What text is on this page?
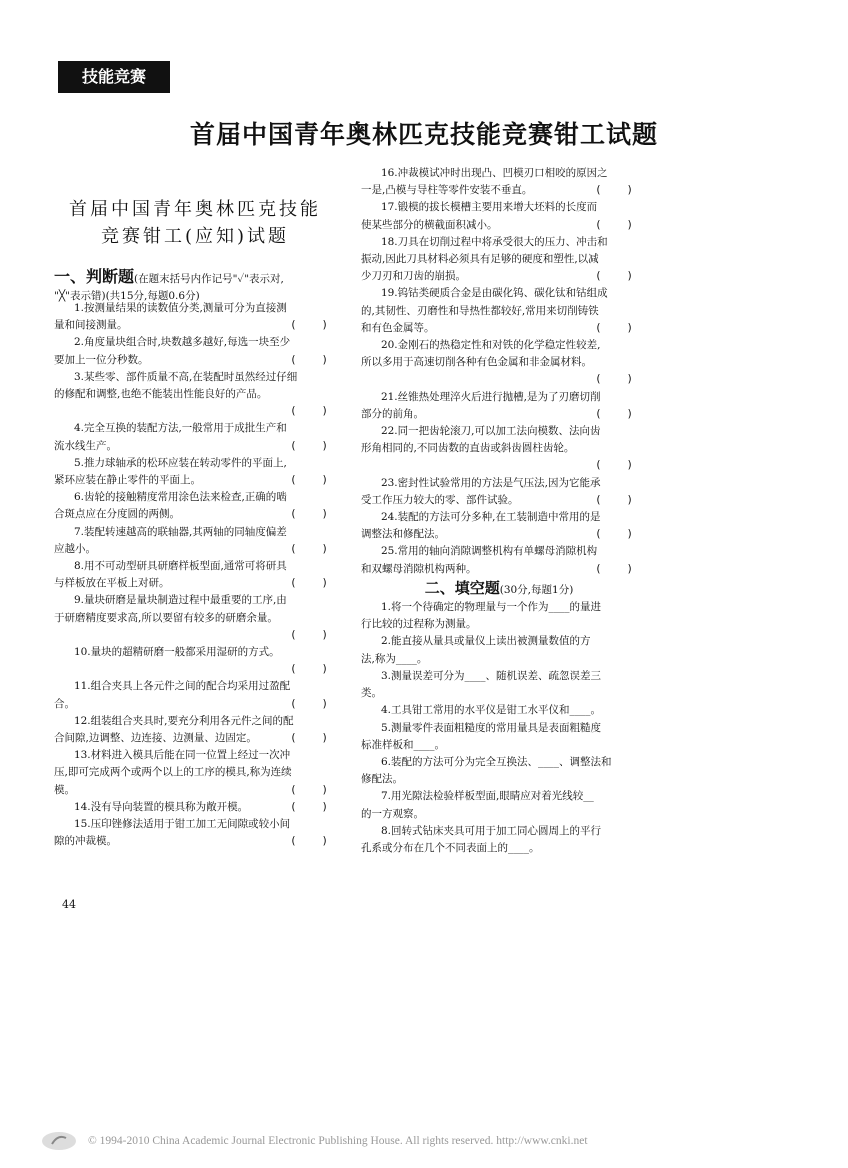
技能竞赛
首届中国青年奥林匹克技能竞赛钳工试题
首届中国青年奥林匹克技能
竞赛钳工(应知)试题
一、判断题(在题末括号内作记号"✓"表示对,
"╳"表示错)(共15分,每题0.6分)
1.按测量结果的读数值分类,测量可分为直接测
量和间接测量。	(    )
2.角度量块组合时,块数越多越好,每选一块至少
要加上一位分秒数。	(    )
3.某些零、部件质量不高,在装配时虽然经过仔细
的修配和调整,也绝不能装出性能良好的产品。
(    )
4.完全互换的装配方法,一般常用于成批生产和
流水线生产。	(    )
5.推力球轴承的松环应装在转动零件的平面上,
紧环应装在静止零件的平面上。	(    )
6.齿轮的接触精度常用涂色法来检查,正确的啮
合斑点应在分度圆的两侧。	(    )
7.装配转速越高的联轴器,其两轴的同轴度偏差
应越小。	(    )
8.用不可动型研具研磨样板型面,通常可将研具
与样板放在平板上对研。	(    )
9.量块研磨是量块制造过程中最重要的工序,由
于研磨精度要求高,所以要留有较多的研磨余量。
(    )
10.量块的超精研磨一般都采用湿研的方式。
(    )
11.组合夹具上各元件之间的配合均采用过盈配
合。	(    )
12.组装组合夹具时,要充分利用各元件之间的配
合间隙,边调整、边连接、边测量、边固定。	(    )
13.材料进入模具后能在同一位置上经过一次冲
压,即可完成两个或两个以上的工序的模具,称为连续
模。	(    )
14.没有导向装置的模具称为敞开模。	(    )
15.压印锉修法适用于钳工加工无间隙或较小间
隙的冲裁模。	(    )
16.冲裁模试冲时出现凸、凹模刃口相咬的原因之
一是,凸模与导柱等零件安装不垂直。	(    )
17.锻模的拔长模槽主要用来增大坯料的长度而
使某些部分的横截面积减小。	(    )
18.刀具在切削过程中将承受很大的压力、冲击和
振动,因此刀具材料必须具有足够的硬度和塑性,以减
少刀刃和刀齿的崩损。	(    )
19.钨钴类硬质合金是由碳化钨、碳化钛和钴组成
的,其韧性、刃磨性和导热性都较好,常用来切削铸铁
和有色金属等。	(    )
20.金刚石的热稳定性和对铁的化学稳定性较差,
所以多用于高速切削各种有色金属和非金属材料。
(    )
21.丝锥热处理淬火后进行抛槽,是为了刃磨切削
部分的前角。	(    )
22.同一把齿轮滚刀,可以加工法向模数、法向齿
形角相同的,不同齿数的直齿或斜齿圆柱齿轮。
(    )
23.密封性试验常用的方法是气压法,因为它能承
受工作压力较大的零、部件试验。	(    )
24.装配的方法可分多种,在工装制造中常用的是
调整法和修配法。	(    )
25.常用的轴向消隙调整机构有单螺母消隙机构
和双螺母消隙机构两种。	(    )
二、填空题(30分,每题1分)
1.将一个待确定的物理量与一个作为____的量进
行比较的过程称为测量。
2.能直接从量具或量仪上读出被测量数值的方
法,称为____。
3.测量误差可分为____、随机误差、疏忽误差三
类。
4.工具钳工常用的水平仪是钳工水平仪和____。
5.测量零件表面粗糙度的常用量具是表面粗糙度
标准样板和____。
6.装配的方法可分为完全互换法、____、调整法和
修配法。
7.用光隙法检验样板型面,眼睛应对着光线较__
的一方观察。
8.回转式钻床夹具可用于加工同心圆周上的平行
孔系或分布在几个不同表面上的____。
44
© 1994-2010 China Academic Journal Electronic Publishing House. All rights reserved. http://www.cnki.net
